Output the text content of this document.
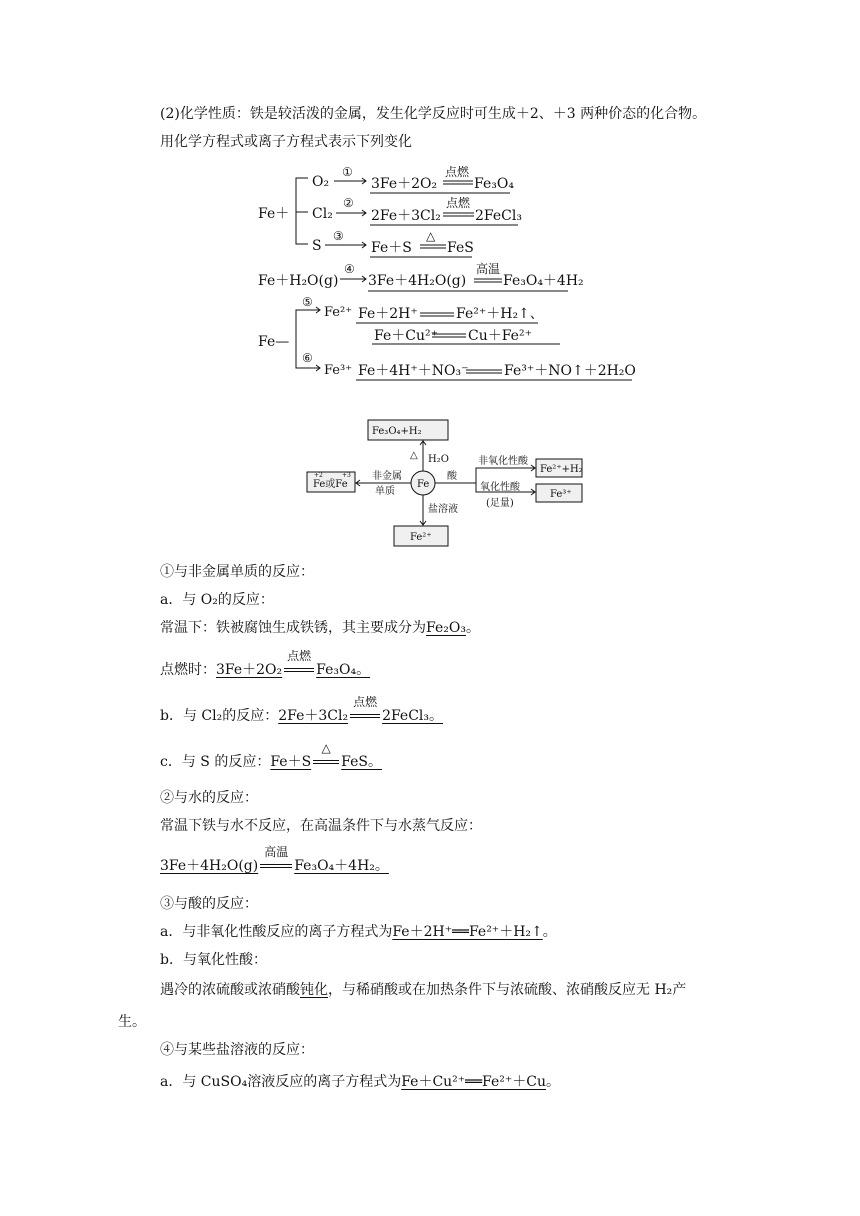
(2)化学性质：铁是较活泼的金属，发生化学反应时可生成＋2、＋3 两种价态的化合物。
用化学方程式或离子方程式表示下列变化
Fe＋
O₂
Cl₂
S
①
②
③
④
⑤
⑥
3Fe＋2O₂
点燃
Fe₃O₄
2Fe＋3Cl₂
点燃
2FeCl₃
Fe＋S
△
FeS
Fe＋H₂O(g) 3Fe＋4H₂O(g)
高温
Fe₃O₄＋4H₂
Fe—
Fe²⁺ Fe＋2H⁺	Fe²⁺＋H₂↑、
Fe＋Cu²⁺ Cu＋Fe²⁺
Fe³⁺ Fe＋4H⁺＋NO₃⁻	Fe³⁺＋NO↑＋2H₂O
Fe₃O₄+H₂
△ H₂O
Fe或Fe
+2	+3 非金属
单质
Fe
酸
非氧化性酸
氧化性酸
(足量)
Fe²⁺+H₂
Fe³⁺
盐溶液
Fe²⁺
①与非金属单质的反应：
a．与 O₂的反应：
常温下：铁被腐蚀生成铁锈，其主要成分为Fe₂O₃。
点燃时：3Fe＋2O₂
点燃
Fe₃O₄。
b．与 Cl₂的反应：2Fe＋3Cl₂
点燃
2FeCl₃。
c．与 S 的反应：Fe＋S
△
FeS。
②与水的反应：
常温下铁与水不反应，在高温条件下与水蒸气反应：
3Fe＋4H₂O(g)
高温
Fe₃O₄＋4H₂。
③与酸的反应：
a．与非氧化性酸反应的离子方程式为Fe＋2H⁺══Fe²⁺＋H₂↑。
b．与氧化性酸：
遇冷的浓硫酸或浓硝酸钝化，与稀硝酸或在加热条件下与浓硫酸、浓硝酸反应无 H₂产
生。
④与某些盐溶液的反应：
a．与 CuSO₄溶液反应的离子方程式为Fe＋Cu²⁺══Fe²⁺＋Cu。
